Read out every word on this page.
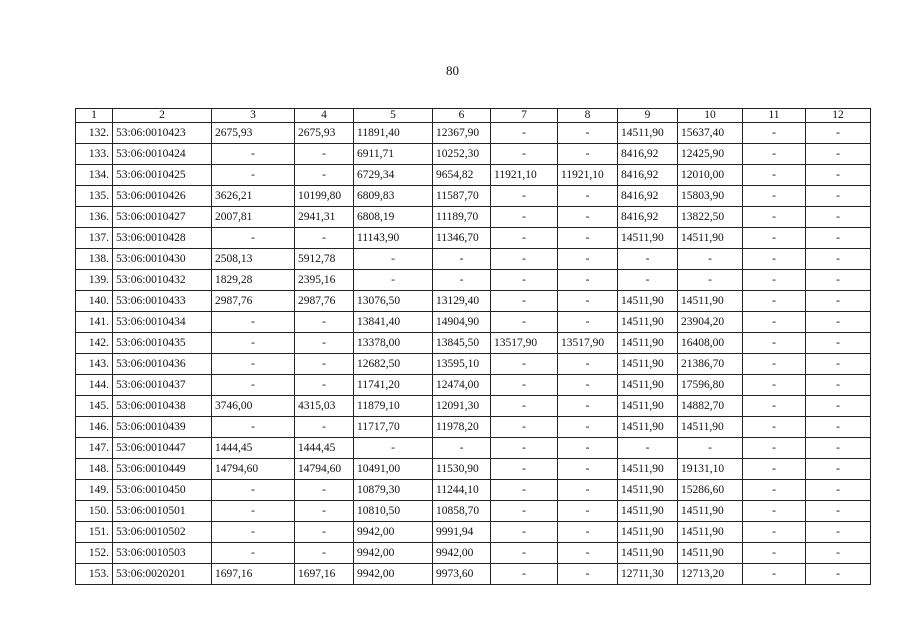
80
1	2	3	4	5	6	7	8	9	10	11	12
132.	53:06:0010423	2675,93	2675,93	11891,40	12367,90	-	-	14511,90	15637,40	-	-
133.	53:06:0010424	-	-	6911,71	10252,30	-	-	8416,92	12425,90	-	-
134.	53:06:0010425	-	-	6729,34	9654,82	11921,10	11921,10	8416,92	12010,00	-	-
135.	53:06:0010426	3626,21	10199,80	6809,83	11587,70	-	-	8416,92	15803,90	-	-
136.	53:06:0010427	2007,81	2941,31	6808,19	11189,70	-	-	8416,92	13822,50	-	-
137.	53:06:0010428	-	-	11143,90	11346,70	-	-	14511,90	14511,90	-	-
138.	53:06:0010430	2508,13	5912,78	-	-	-	-	-	-	-	-
139.	53:06:0010432	1829,28	2395,16	-	-	-	-	-	-	-	-
140.	53:06:0010433	2987,76	2987,76	13076,50	13129,40	-	-	14511,90	14511,90	-	-
141.	53:06:0010434	-	-	13841,40	14904,90	-	-	14511,90	23904,20	-	-
142.	53:06:0010435	-	-	13378,00	13845,50	13517,90	13517,90	14511,90	16408,00	-	-
143.	53:06:0010436	-	-	12682,50	13595,10	-	-	14511,90	21386,70	-	-
144.	53:06:0010437	-	-	11741,20	12474,00	-	-	14511,90	17596,80	-	-
145.	53:06:0010438	3746,00	4315,03	11879,10	12091,30	-	-	14511,90	14882,70	-	-
146.	53:06:0010439	-	-	11717,70	11978,20	-	-	14511,90	14511,90	-	-
147.	53:06:0010447	1444,45	1444,45	-	-	-	-	-	-	-	-
148.	53:06:0010449	14794,60	14794,60	10491,00	11530,90	-	-	14511,90	19131,10	-	-
149.	53:06:0010450	-	-	10879,30	11244,10	-	-	14511,90	15286,60	-	-
150.	53:06:0010501	-	-	10810,50	10858,70	-	-	14511,90	14511,90	-	-
151.	53:06:0010502	-	-	9942,00	9991,94	-	-	14511,90	14511,90	-	-
152.	53:06:0010503	-	-	9942,00	9942,00	-	-	14511,90	14511,90	-	-
153.	53:06:0020201	1697,16	1697,16	9942,00	9973,60	-	-	12711,30	12713,20	-	-
